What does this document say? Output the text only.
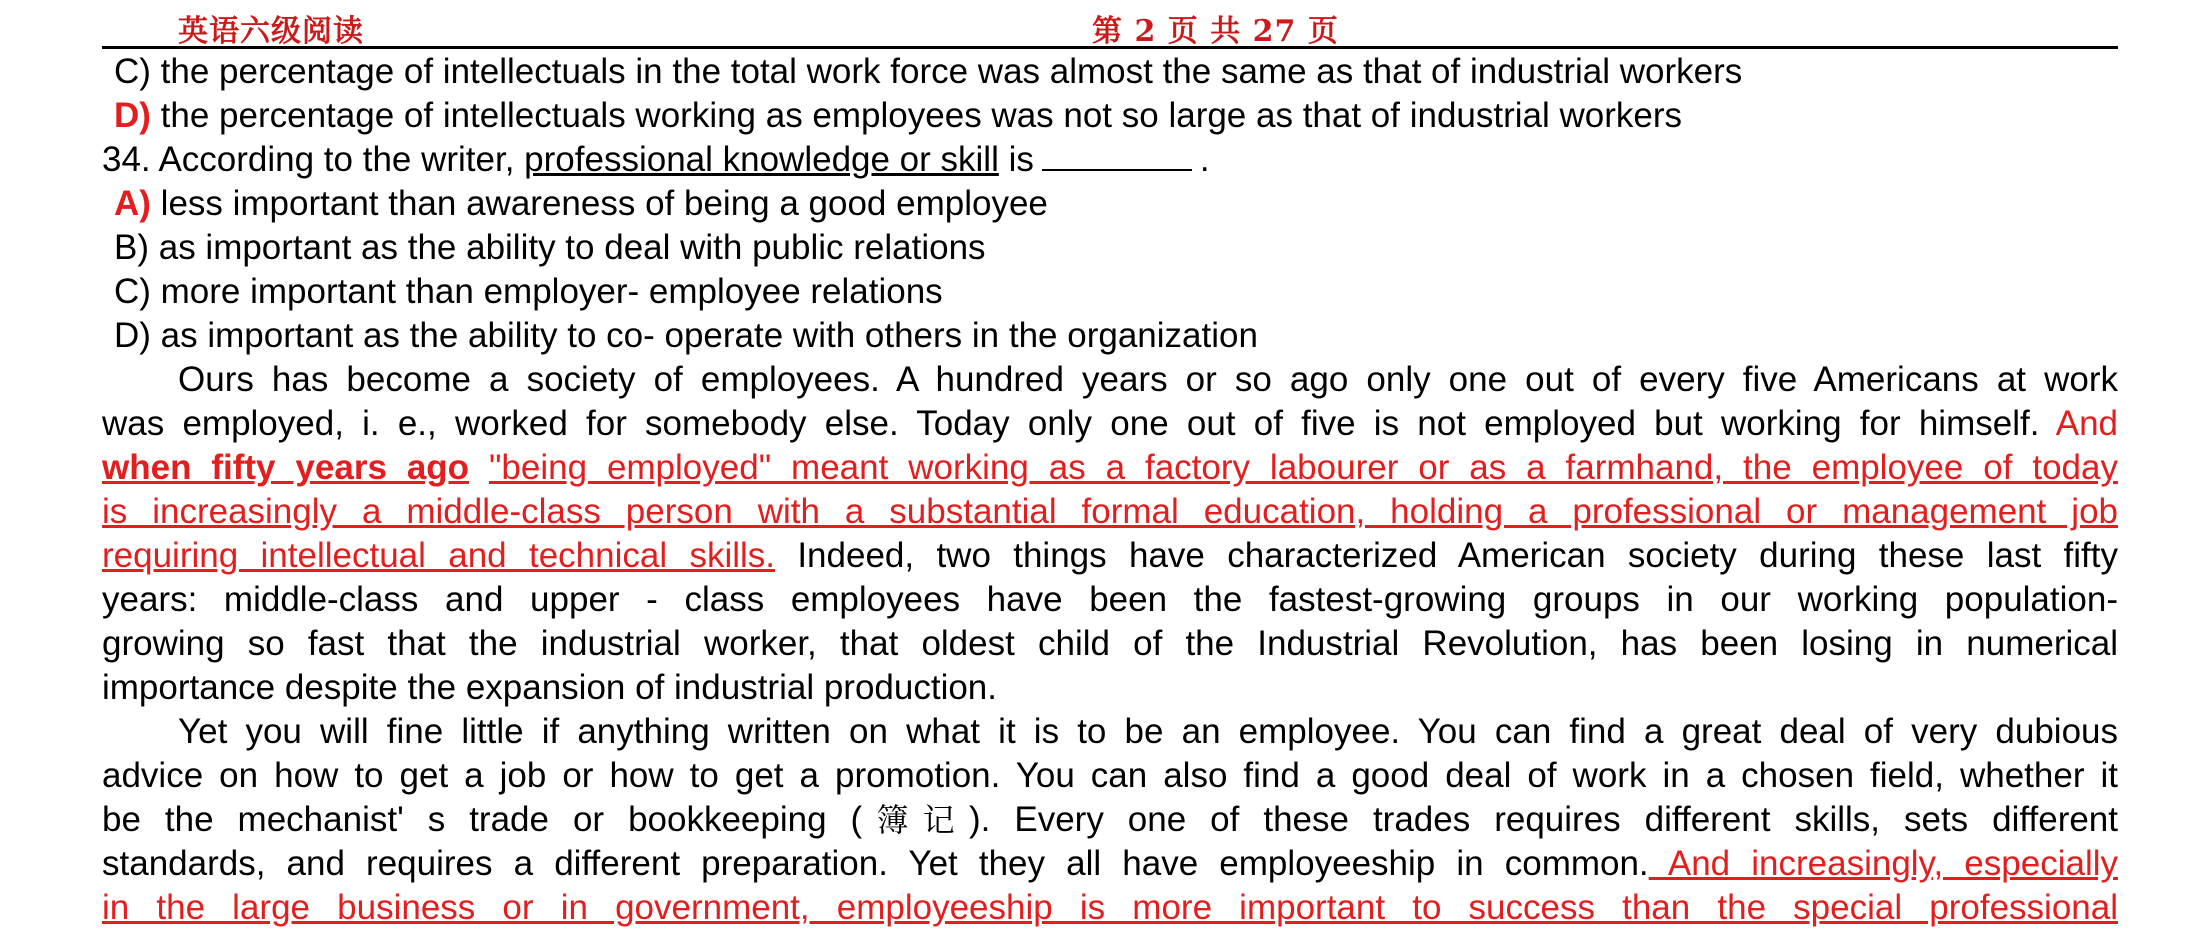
英语六级阅读	第 2 页 共 27 页
C) the percentage of intellectuals in the total work force was almost the same as that of industrial workers
D) the percentage of intellectuals working as employees was not so large as that of industrial workers
34. According to the writer, professional knowledge or skill is	.
A) less important than awareness of being a good employee
B) as important as the ability to deal with public relations
C) more important than employer- employee relations
D) as important as the ability to co- operate with others in the organization
Ours has become a society of employees. A hundred years or so ago only one out of every five Americans at work
was employed, i. e., worked for somebody else. Today only one out of five is not employed but working for himself. And
when fifty years ago "being employed" meant working as a factory labourer or as a farmhand, the employee of today
is increasingly a middle-class person with a substantial formal education, holding a professional or management job
requiring intellectual and technical skills. Indeed, two things have characterized American society during these last fifty
years: middle-class and upper - class employees have been the fastest-growing groups in our working population-
growing so fast that the industrial worker, that oldest child of the Industrial Revolution, has been losing in numerical
importance despite the expansion of industrial production.
Yet you will fine little if anything written on what it is to be an employee. You can find a great deal of very dubious
advice on how to get a job or how to get a promotion. You can also find a good deal of work in a chosen field, whether it
be the mechanist' s trade or bookkeeping (簿记). Every one of these trades requires different skills, sets different
standards, and requires a different preparation. Yet they all have employeeship in common. And increasingly, especially
in the large business or in government, employeeship is more important to success than the special professional
